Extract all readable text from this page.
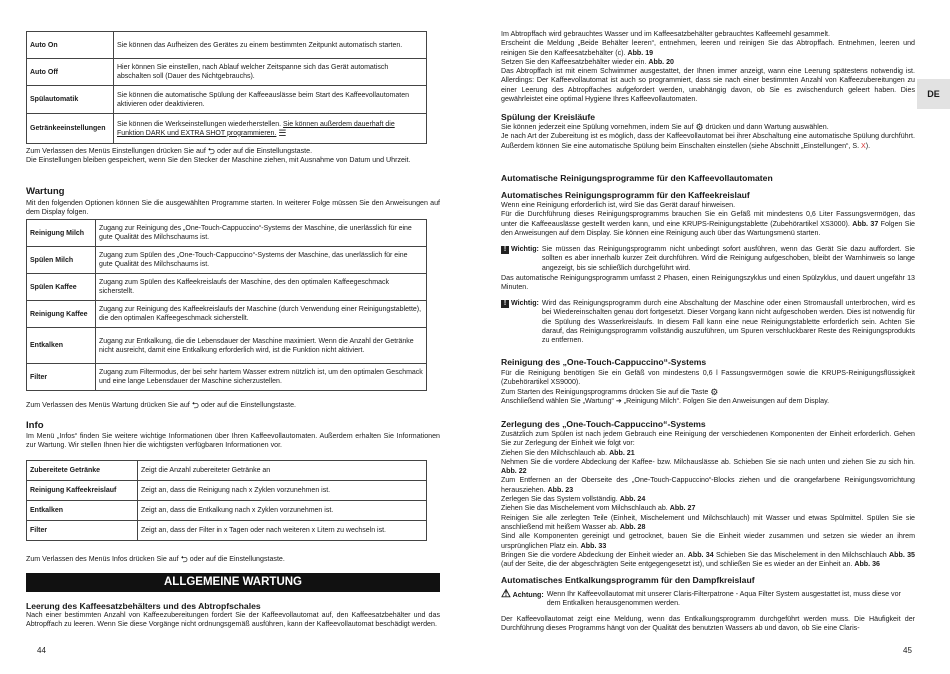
Auto On	Sie können das Aufheizen des Gerätes zu einem bestimmten Zeitpunkt automatisch starten.
Auto Off	Hier können Sie einstellen, nach Ablauf welcher Zeitspanne sich das Gerät automatisch abschalten soll (Dauer des Nichtgebrauchs).
Spülautomatik	Sie können die automatische Spülung der Kaffeeauslässe beim Start des Kaffeevollautomaten aktivieren oder deaktivieren.
Getränkeeinstellungen	Sie können die Werkseinstellungen wiederherstellen. Sie können außerdem dauerhaft die Funktion DARK und EXTRA SHOT programmieren. ☰

Zum Verlassen des Menüs Einstellungen drücken Sie auf ⮌ oder auf die Einstellungstaste.

Die Einstellungen bleiben gespeichert, wenn Sie den Stecker der Maschine ziehen, mit Ausnahme von Datum und Uhrzeit.

Wartung

Mit den folgenden Optionen können Sie die ausgewählten Programme starten. In weiterer Folge müssen Sie den Anweisungen auf dem Display folgen.

Reinigung Milch	Zugang zur Reinigung des „One-Touch-Cappuccino“-Systems der Maschine, die unerlässlich für eine gute Qualität des Milchschaums ist.
Spülen Milch	Zugang zum Spülen des „One-Touch-Cappuccino“-Systems der Maschine, das unerlässlich für eine gute Qualität des Milchschaums ist.
Spülen Kaffee	Zugang zum Spülen des Kaffeekreislaufs der Maschine, des den optimalen Kaffeegeschmack sicherstellt.
Reinigung Kaffee	Zugang zur Reinigung des Kaffeekreislaufs der Maschine (durch Verwendung einer Reinigungstablette), die den optimalen Kaffeegeschmack sicherstellt.
Entkalken	Zugang zur Entkalkung, die die Lebensdauer der Maschine maximiert. Wenn die Anzahl der Getränke nicht ausreicht, damit eine Entkalkung erforderlich wird, ist die Funktion nicht aktiviert.
Filter	Zugang zum Filtermodus, der bei sehr hartem Wasser extrem nützlich ist, um den optimalen Geschmack und eine lange Lebensdauer der Maschine sicherzustellen.

Zum Verlassen des Menüs Wartung drücken Sie auf ⮌ oder auf die Einstellungstaste.

Info

Im Menü „Infos“ finden Sie weitere wichtige Informationen über Ihren Kaffeevollautomaten. Außerdem erhalten Sie Informationen zur Wartung. Wir stellen Ihnen hier die wichtigsten verfügbaren Informationen vor.

Zubereitete Getränke	Zeigt die Anzahl zubereiteter Getränke an
Reinigung Kaffeekreislauf	Zeigt an, dass die Reinigung nach x Zyklen vorzunehmen ist.
Entkalken	Zeigt an, dass die Entkalkung nach x Zyklen vorzunehmen ist.
Filter	Zeigt an, dass der Filter in x Tagen oder nach weiteren x Litern zu wechseln ist.

Zum Verlassen des Menüs Infos drücken Sie auf ⮌ oder auf die Einstellungstaste.

ALLGEMEINE WARTUNG
Leerung des Kaffeesatzbehälters und des Abtropfschales

Nach einer bestimmten Anzahl von Kaffeezubereitungen fordert Sie der Kaffeevollautomat auf, den Kaffeesatzbehälter und das Abtropffach zu leeren. Wenn Sie diese Vorgänge nicht ordnungsgemäß ausführen, kann der Kaffeevollautomat beschädigt werden.

44

Im Abtropffach wird gebrauchtes Wasser und im Kaffeesatzbehälter gebrauchtes Kaffeemehl gesammelt.

Erscheint die Meldung „Beide Behälter leeren“, entnehmen, leeren und reinigen Sie das Abtropffach. Entnehmen, leeren und reinigen Sie den Kaffeesatzbehälter (c). Abb. 19

Setzen Sie den Kaffeesatzbehälter wieder ein. Abb. 20

Das Abtropffach ist mit einem Schwimmer ausgestattet, der Ihnen immer anzeigt, wann eine Leerung spätestens notwendig ist. Allerdings: Der Kaffeevollautomat ist auch so programmiert, dass sie nach einer bestimmten Anzahl von Kaffeezubereitungen zu einer Leerung des Abtropffaches aufgefordert werden, unabhängig davon, ob Sie es zwischendurch geleert haben. Dies gewährleistet eine optimal Hygiene Ihres Kaffeevollautomaten.

Spülung der Kreisläufe

Sie können jederzeit eine Spülung vornehmen, indem Sie auf ⚙ drücken und dann Wartung auswählen.

Je nach Art der Zubereitung ist es möglich, dass der Kaffeevollautomat bei ihrer Abschaltung eine automatische Spülung durchführt.

Außerdem können Sie eine automatische Spülung beim Einschalten einstellen (siehe Abschnitt „Einstellungen“, S. X).

Automatische Reinigungsprogramme für den Kaffeevollautomaten
Automatisches Reinigungsprogramm für den Kaffeekreislauf

Wenn eine Reinigung erforderlich ist, wird Sie das Gerät darauf hinweisen.

Für die Durchführung dieses Reinigungsprogramms brauchen Sie ein Gefäß mit mindestens 0,6 Liter Fassungsvermögen, das unter die Kaffeeauslässe gestellt werden kann, und eine KRUPS-Reinigungstablette (Zubehörartikel XS3000). Abb. 37 Folgen Sie den Anweisungen auf dem Display. Sie können eine Reinigung auch über das Wartungsmenü starten.

! Wichtig: Sie müssen das Reinigungsprogramm nicht unbedingt sofort ausführen, wenn das Gerät Sie dazu auffordert. Sie sollten es aber innerhalb kurzer Zeit durchführen. Wird die Reinigung aufgeschoben, bleibt der Warnhinweis so lange angezeigt, bis sie schließlich durchgeführt wird.

Das automatische Reinigungsprogramm umfasst 2 Phasen, einen Reinigungszyklus und einen Spülzyklus, und dauert ungefähr 13 Minuten.

! Wichtig: Wird das Reinigungsprogramm durch eine Abschaltung der Maschine oder einen Stromausfall unterbrochen, wird es bei Wiedereinschalten genau dort fortgesetzt. Dieser Vorgang kann nicht aufgeschoben werden. Dies ist notwendig für die Spülung des Wasserkreislaufs. In diesem Fall kann eine neue Reinigungstablette erforderlich sein. Achten Sie darauf, das Reinigungsprogramm vollständig auszuführen, um Spuren verschluckbarer Reste des Reinigungsprodukts zu entfernen.
Reinigung des „One-Touch-Cappuccino“-Systems

Für die Reinigung benötigen Sie ein Gefäß von mindestens 0,6 l Fassungsvermögen sowie die KRUPS-Reinigungsflüssigkeit (Zubehörartikel XS9000).

Zum Starten des Reinigungsprogramms drücken Sie auf die Taste ⚙

Anschließend wählen Sie „Wartung“ ➔ „Reinigung Milch“. Folgen Sie den Anweisungen auf dem Display.

Zerlegung des „One-Touch-Cappuccino“-Systems

Zusätzlich zum Spülen ist nach jedem Gebrauch eine Reinigung der verschiedenen Komponenten der Einheit erforderlich. Gehen Sie zur Zerlegung der Einheit wie folgt vor:

Ziehen Sie den Milchschlauch ab. Abb. 21

Nehmen Sie die vordere Abdeckung der Kaffee- bzw. Milchauslässe ab. Schieben Sie sie nach unten und ziehen Sie zu sich hin. Abb. 22

Zum Entfernen an der Oberseite des „One-Touch-Cappuccino“-Blocks ziehen und die orangefarbene Reinigungsvorrichtung herausziehen. Abb. 23

Zerlegen Sie das System vollständig. Abb. 24

Ziehen Sie das Mischelement vom Milchschlauch ab. Abb. 27

Reinigen Sie alle zerlegten Teile (Einheit, Mischelement und Milchschlauch) mit Wasser und etwas Spülmittel. Spülen Sie sie anschließend mit heißem Wasser ab. Abb. 28

Sind alle Komponenten gereinigt und getrocknet, bauen Sie die Einheit wieder zusammen und setzen sie wieder an ihrem ursprünglichen Platz ein. Abb. 33

Bringen Sie die vordere Abdeckung der Einheit wieder an. Abb. 34 Schieben Sie das Mischelement in den Milchschlauch Abb. 35 (auf der Seite, die der abgeschrägten Seite entgegengesetzt ist), und schließen Sie es wieder an der Einheit an. Abb. 36

Automatisches Entkalkungsprogramm für den Dampfkreislauf
⚠ Achtung: Wenn Ihr Kaffeevollautomat mit unserer Claris-Filterpatrone - Aqua Filter System ausgestattet ist, muss diese vor dem Entkalken herausgenommen werden.

Der Kaffeevollautomat zeigt eine Meldung, wenn das Entkalkungsprogramm durchgeführt werden muss. Die Häufigkeit der Durchführung dieses Programms hängt von der Qualität des benutzten Wassers ab und davon, ob Sie eine Claris-

DE
45
